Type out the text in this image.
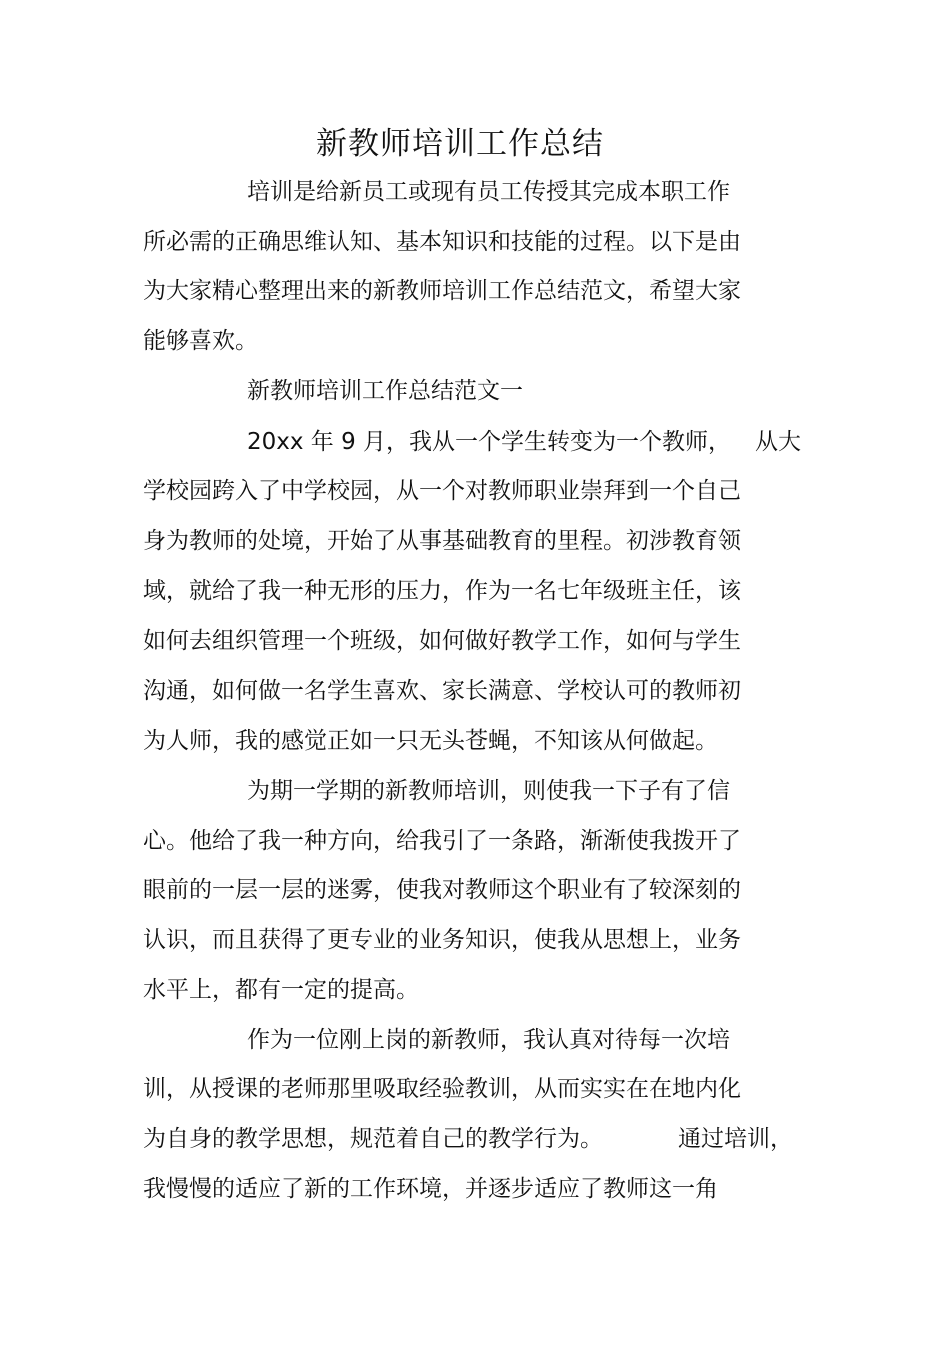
新教师培训工作总结
培训是给新员工或现有员工传授其完成本职工作
所必需的正确思维认知、基本知识和技能的过程。以下是由
为大家精心整理出来的新教师培训工作总结范文，希望大家
能够喜欢。
新教师培训工作总结范文一
20xx 年 9 月，我从一个学生转变为一个教师， 从大
学校园跨入了中学校园，从一个对教师职业崇拜到一个自己
身为教师的处境，开始了从事基础教育的里程。初涉教育领
域，就给了我一种无形的压力，作为一名七年级班主任，该
如何去组织管理一个班级，如何做好教学工作，如何与学生
沟通，如何做一名学生喜欢、家长满意、学校认可的教师初
为人师，我的感觉正如一只无头苍蝇，不知该从何做起。
为期一学期的新教师培训，则使我一下子有了信
心。他给了我一种方向，给我引了一条路，渐渐使我拨开了
眼前的一层一层的迷雾，使我对教师这个职业有了较深刻的
认识，而且获得了更专业的业务知识，使我从思想上，业务
水平上，都有一定的提高。
作为一位刚上岗的新教师，我认真对待每一次培
训，从授课的老师那里吸取经验教训，从而实实在在地内化
为自身的教学思想，规范着自己的教学行为。	通过培训，
我慢慢的适应了新的工作环境，并逐步适应了教师这一角
